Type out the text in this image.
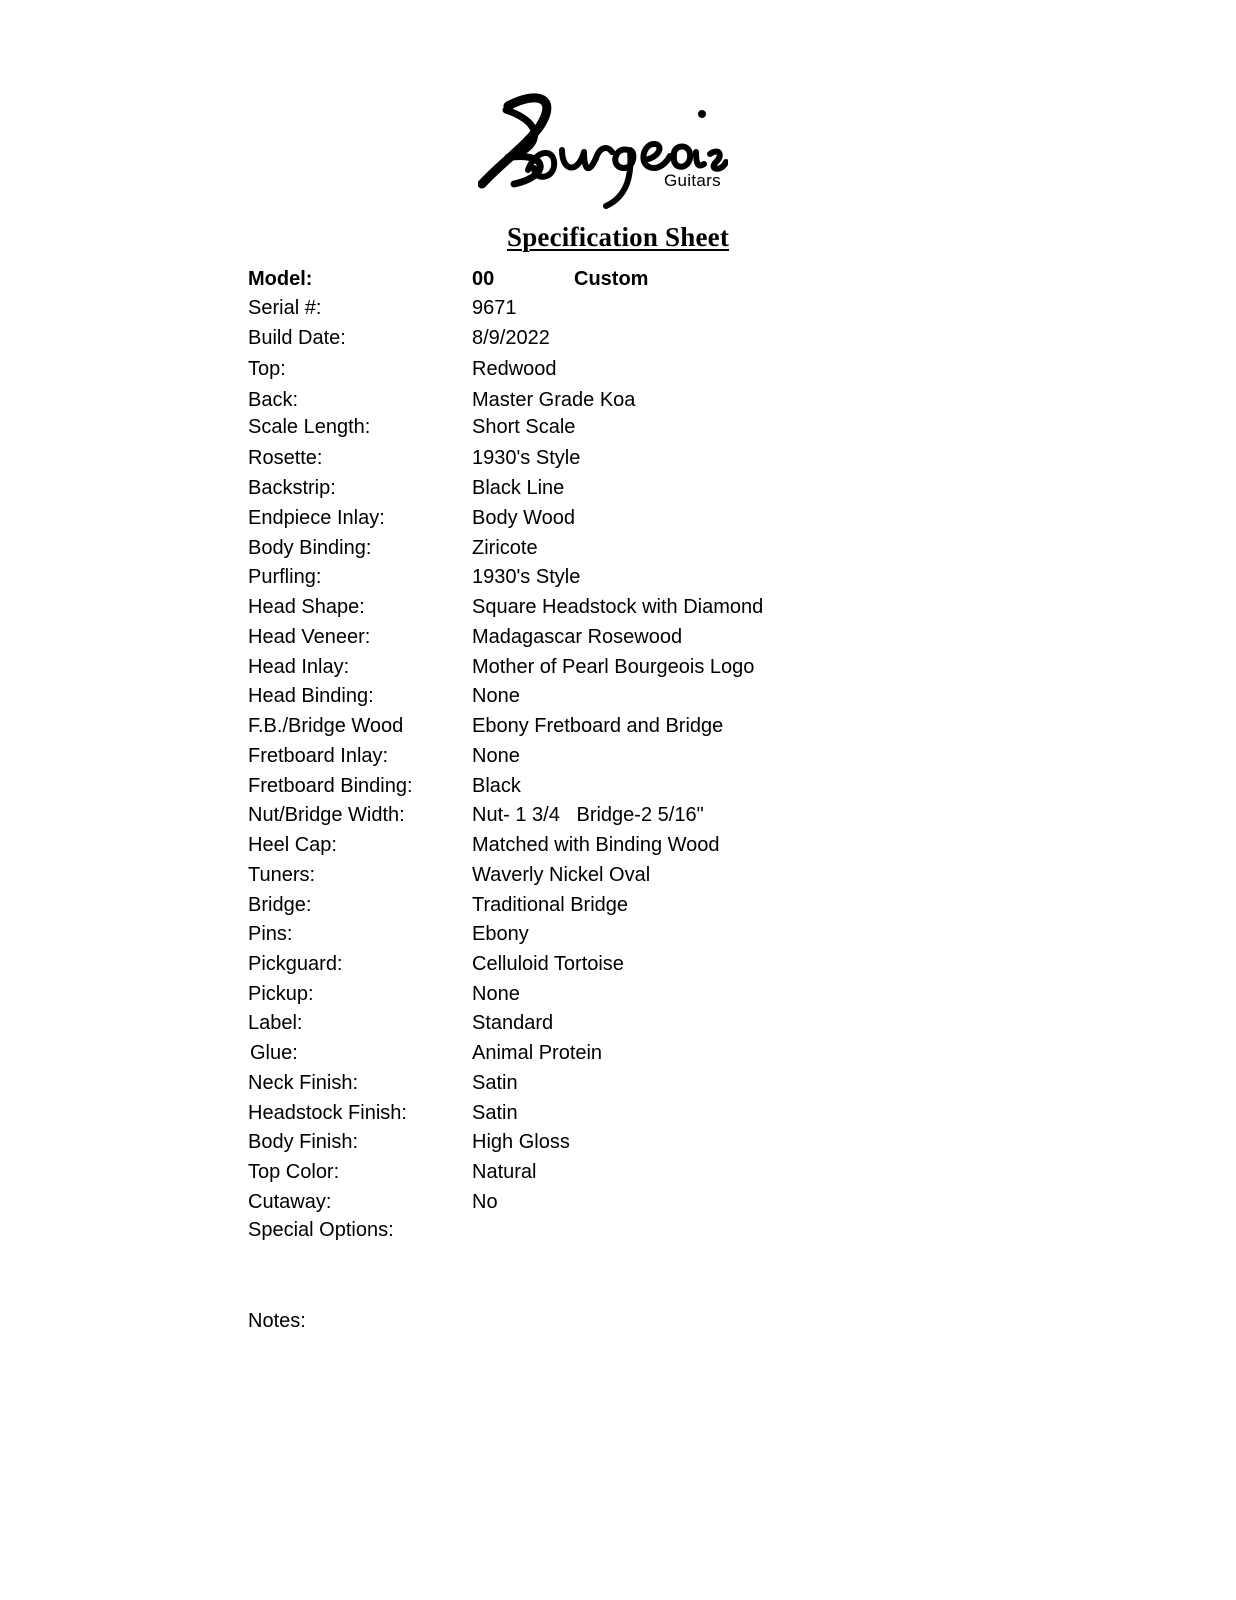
Guitars
Specification Sheet
Model:	00	Custom
Serial #:	9671
Build Date:	8/9/2022
Top:	Redwood
Back:	Master Grade Koa
Scale Length:	Short Scale
Rosette:	1930's Style
Backstrip:	Black Line
Endpiece Inlay:	Body Wood
Body Binding:	Ziricote
Purfling:	1930's Style
Head Shape:	Square Headstock with Diamond
Head Veneer:	Madagascar Rosewood
Head Inlay:	Mother of Pearl Bourgeois Logo
Head Binding:	None
F.B./Bridge Wood	Ebony Fretboard and Bridge
Fretboard Inlay:	None
Fretboard Binding:	Black
Nut/Bridge Width:	Nut- 1 3/4   Bridge-2 5/16"
Heel Cap:	Matched with Binding Wood
Tuners:	Waverly Nickel Oval
Bridge:	Traditional Bridge
Pins:	Ebony
Pickguard:	Celluloid Tortoise
Pickup:	None
Label:	Standard
Glue:	Animal Protein
Neck Finish:	Satin
Headstock Finish:	Satin
Body Finish:	High Gloss
Top Color:	Natural
Cutaway:	No
Special Options:
Notes:
